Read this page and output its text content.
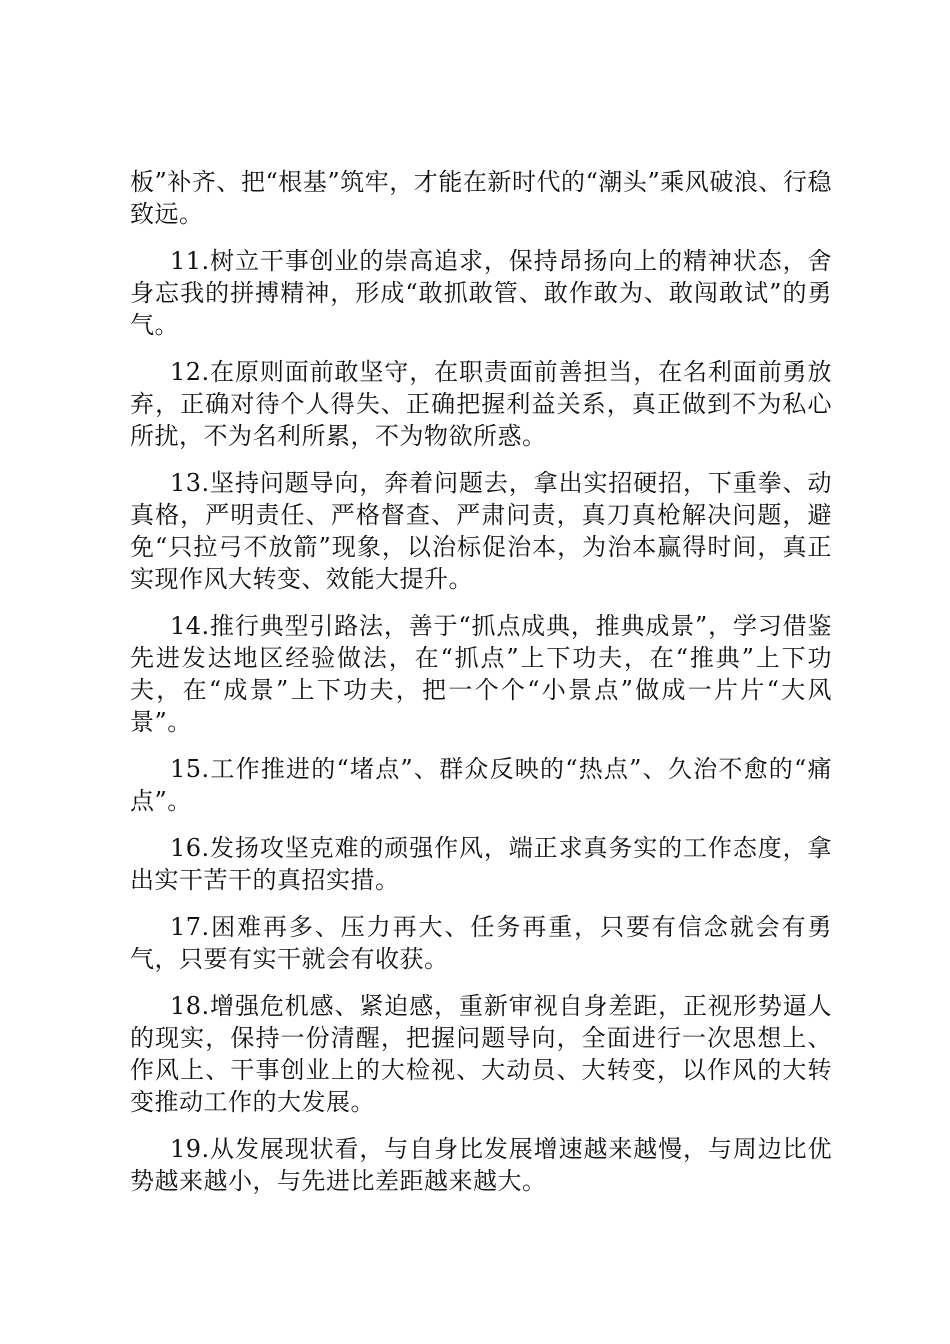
板”补齐、把“根基”筑牢，才能在新时代的“潮头”乘风破浪、行稳致远。

11.树立干事创业的崇高追求，保持昂扬向上的精神状态，舍身忘我的拼搏精神，形成“敢抓敢管、敢作敢为、敢闯敢试”的勇气。

12.在原则面前敢坚守，在职责面前善担当，在名利面前勇放弃，正确对待个人得失、正确把握利益关系，真正做到不为私心所扰，不为名利所累，不为物欲所惑。

13.坚持问题导向，奔着问题去，拿出实招硬招，下重拳、动真格，严明责任、严格督查、严肃问责，真刀真枪解决问题，避免“只拉弓不放箭”现象，以治标促治本，为治本赢得时间，真正实现作风大转变、效能大提升。

14.推行典型引路法，善于“抓点成典，推典成景”，学习借鉴先进发达地区经验做法，在“抓点”上下功夫，在“推典”上下功夫，在“成景”上下功夫，把一个个“小景点”做成一片片“大风景”。

15.工作推进的“堵点”、群众反映的“热点”、久治不愈的“痛点”。

16.发扬攻坚克难的顽强作风，端正求真务实的工作态度，拿出实干苦干的真招实措。

17.困难再多、压力再大、任务再重，只要有信念就会有勇气，只要有实干就会有收获。

18.增强危机感、紧迫感，重新审视自身差距，正视形势逼人的现实，保持一份清醒，把握问题导向，全面进行一次思想上、作风上、干事创业上的大检视、大动员、大转变，以作风的大转变推动工作的大发展。

19.从发展现状看，与自身比发展增速越来越慢，与周边比优势越来越小，与先进比差距越来越大。
